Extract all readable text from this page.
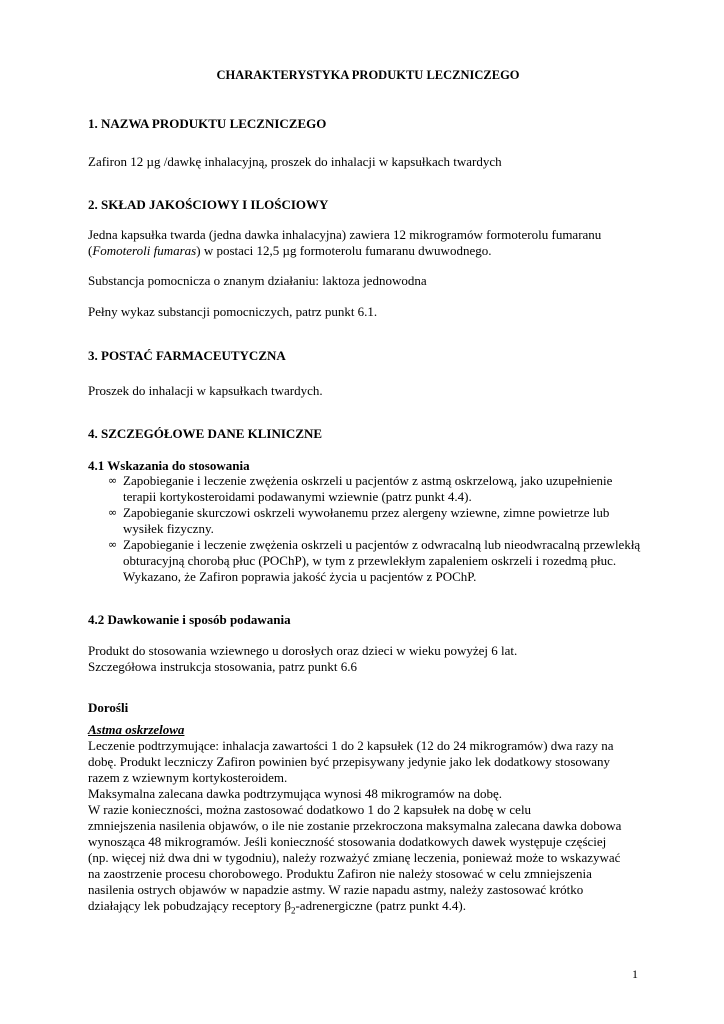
CHARAKTERYSTYKA PRODUKTU LECZNICZEGO
1. NAZWA PRODUKTU LECZNICZEGO
Zafiron 12 µg /dawkę inhalacyjną, proszek do inhalacji w kapsułkach twardych
2. SKŁAD JAKOŚCIOWY I ILOŚCIOWY
Jedna kapsułka twarda (jedna dawka inhalacyjna) zawiera 12 mikrogramów formoterolu fumaranu
(Fomoteroli fumaras) w postaci 12,5 µg formoterolu fumaranu dwuwodnego.
Substancja pomocnicza o znanym działaniu: laktoza jednowodna
Pełny wykaz substancji pomocniczych, patrz punkt 6.1.
3. POSTAĆ FARMACEUTYCZNA
Proszek do inhalacji w kapsułkach twardych.
4. SZCZEGÓŁOWE DANE KLINICZNE
4.1 Wskazania do stosowania

∞ Zapobieganie i leczenie zwężenia oskrzeli u pacjentów z astmą oskrzelową, jako uzupełnienie terapii kortykosteroidami podawanymi wziewnie (patrz punkt 4.4).

∞ Zapobieganie skurczowi oskrzeli wywołanemu przez alergeny wziewne, zimne powietrze lub wysiłek fizyczny.

∞ Zapobieganie i leczenie zwężenia oskrzeli u pacjentów z odwracalną lub nieodwracalną przewlekłą obturacyjną chorobą płuc (POChP), w tym z przewlekłym zapaleniem oskrzeli i rozedmą płuc. Wykazano, że Zafiron poprawia jakość życia u pacjentów z POChP.

4.2 Dawkowanie i sposób podawania
Produkt do stosowania wziewnego u dorosłych oraz dzieci w wieku powyżej 6 lat.
Szczegółowa instrukcja stosowania, patrz punkt 6.6
Dorośli
Astma oskrzelowa
Leczenie podtrzymujące: inhalacja zawartości 1 do 2 kapsułek (12 do 24 mikrogramów) dwa razy na
dobę. Produkt leczniczy Zafiron powinien być przepisywany jedynie jako lek dodatkowy stosowany
razem z wziewnym kortykosteroidem.
Maksymalna zalecana dawka podtrzymująca wynosi 48 mikrogramów na dobę.
W razie konieczności, można zastosować dodatkowo 1 do 2 kapsułek na dobę w celu
zmniejszenia nasilenia objawów, o ile nie zostanie przekroczona maksymalna zalecana dawka dobowa
wynosząca 48 mikrogramów. Jeśli konieczność stosowania dodatkowych dawek występuje częściej
(np. więcej niż dwa dni w tygodniu), należy rozważyć zmianę leczenia, ponieważ może to wskazywać
na zaostrzenie procesu chorobowego. Produktu Zafiron nie należy stosować w celu zmniejszenia
nasilenia ostrych objawów w napadzie astmy. W razie napadu astmy, należy zastosować krótko
działający lek pobudzający receptory $\beta_2$-adrenergiczne (patrz punkt 4.4).
1
